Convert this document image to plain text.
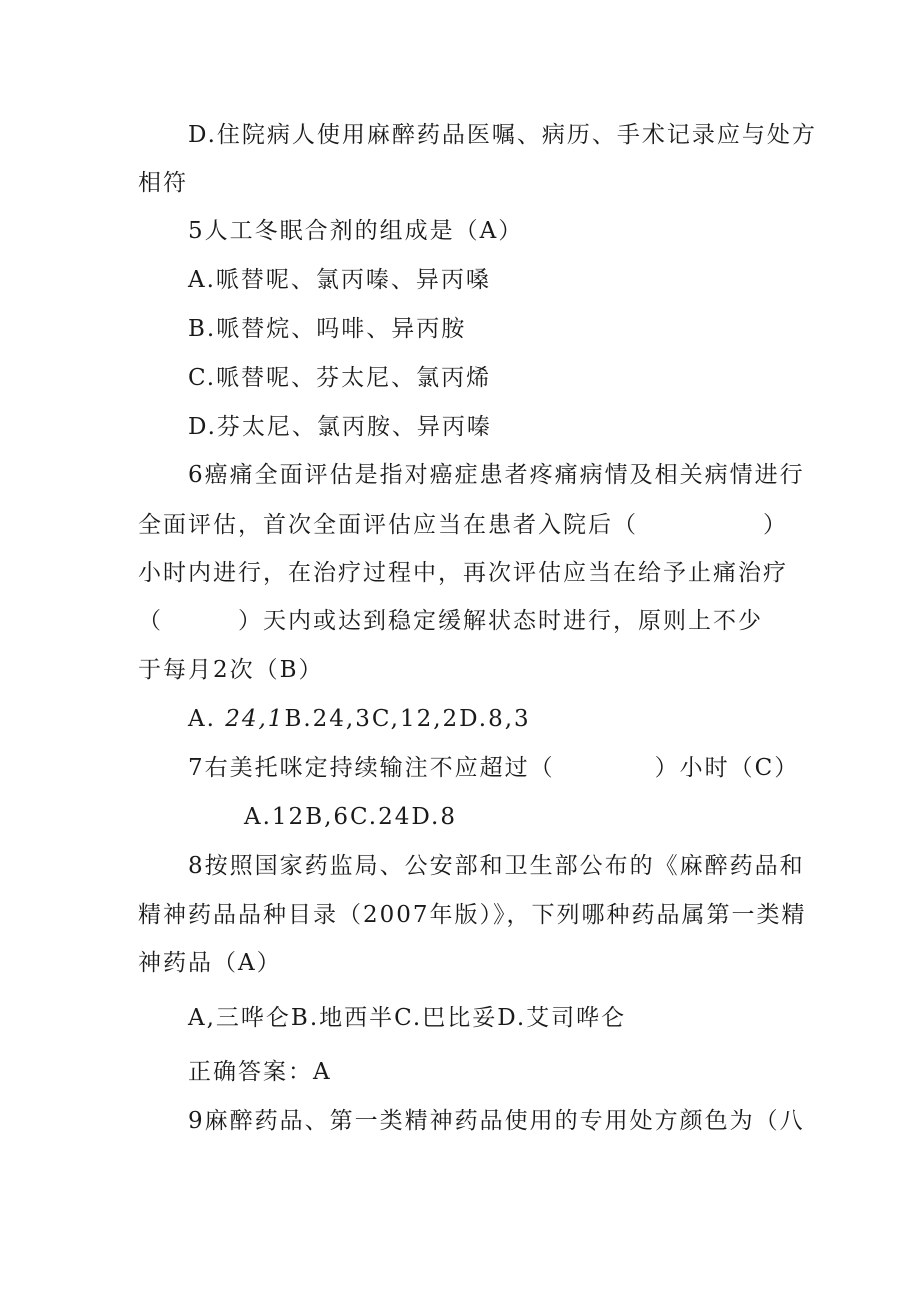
D.住院病人使用麻醉药品医嘱、病历、手术记录应与处方
相符
5人工冬眠合剂的组成是（A）
A.哌替呢、氯丙嗪、异丙嗓
B.哌替烷、吗啡、异丙胺
C.哌替呢、芬太尼、氯丙烯
D.芬太尼、氯丙胺、异丙嗪
6癌痛全面评估是指对癌症患者疼痛病情及相关病情进行
全面评估，首次全面评估应当在患者入院后（　　　　　）
小时内进行，在治疗过程中，再次评估应当在给予止痛治疗
（　　　）天内或达到稳定缓解状态时进行，原则上不少
于每月2次（B）
A. 24,1B.24,3C,12,2D.8,3
7右美托咪定持续输注不应超过（　　　　）小时（C）
A.12B,6C.24D.8
8按照国家药监局、公安部和卫生部公布的《麻醉药品和
精神药品品种目录（2007年版）》，下列哪种药品属第一类精
神药品（A）
A,三哗仑B.地西半C.巴比妥D.艾司哗仑
正确答案：A
9麻醉药品、第一类精神药品使用的专用处方颜色为（八
